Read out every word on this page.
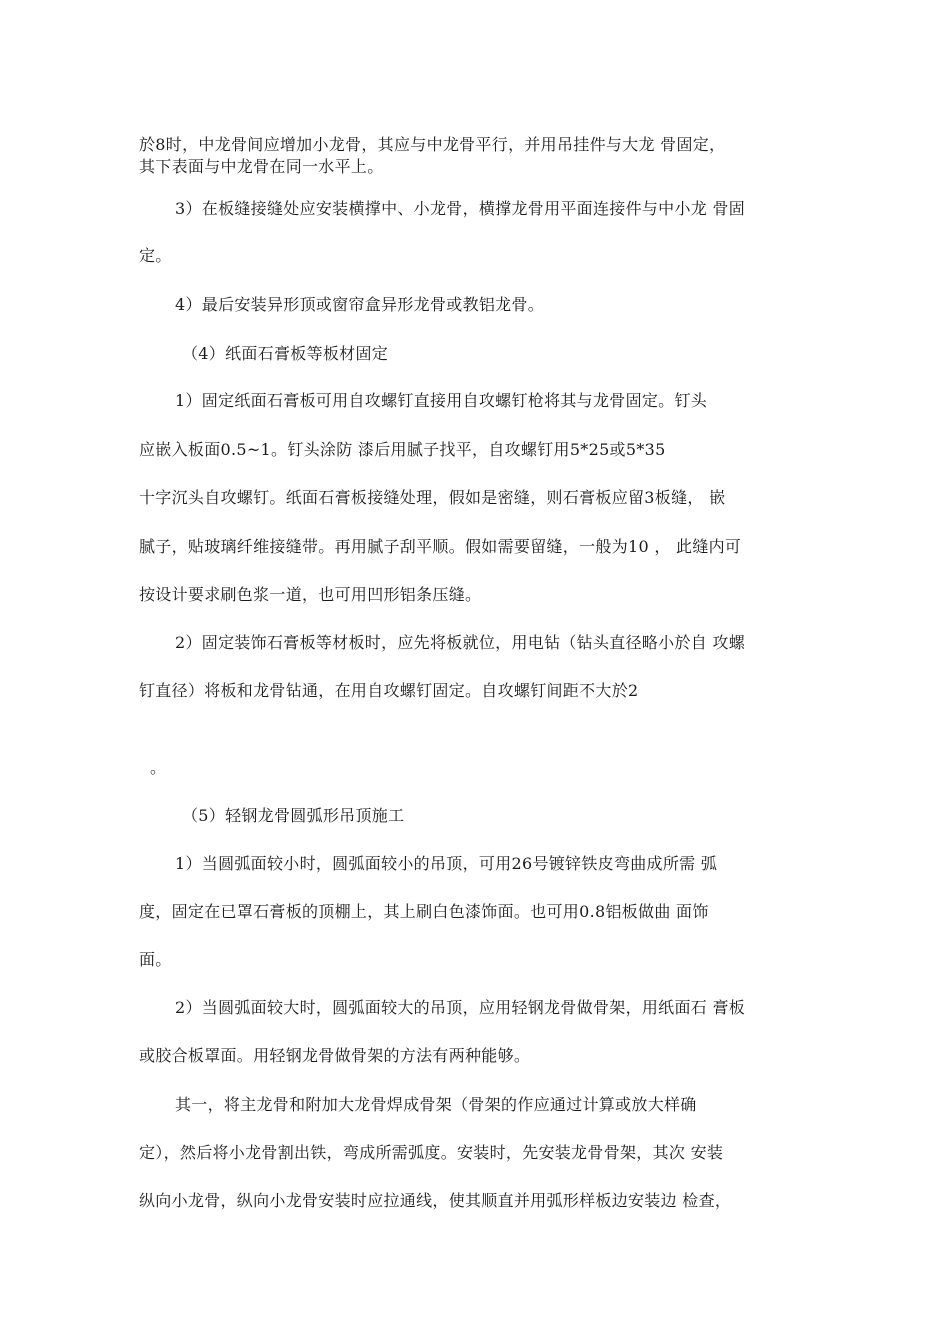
於8时，中龙骨间应增加小龙骨，其应与中龙骨平行，并用吊挂件与大龙 骨固定，
其下表面与中龙骨在同一水平上。
3）在板缝接缝处应安装横撑中、小龙骨，横撑龙骨用平面连接件与中小龙 骨固
定。
4）最后安装异形顶或窗帘盒异形龙骨或教铝龙骨。
（4）纸面石膏板等板材固定
1）固定纸面石膏板可用自攻螺钉直接用自攻螺钉枪将其与龙骨固定。钉头
应嵌入板面0.5~1。钉头涂防 漆后用腻子找平，自攻螺钉用5*25或5*35
十字沉头自攻螺钉。纸面石膏板接缝处理，假如是密缝，则石膏板应留3板缝， 嵌
腻子，贴玻璃纤维接缝带。再用腻子刮平顺。假如需要留缝，一般为10 ， 此缝内可
按设计要求刷色浆一道，也可用凹形铝条压缝。
2）固定装饰石膏板等材板时，应先将板就位，用电钻（钻头直径略小於自 攻螺
钉直径）将板和龙骨钻通，在用自攻螺钉固定。自攻螺钉间距不大於2
。
（5）轻钢龙骨圆弧形吊顶施工
1）当圆弧面较小时，圆弧面较小的吊顶，可用26号镀锌铁皮弯曲成所需 弧
度，固定在已罩石膏板的顶棚上，其上刷白色漆饰面。也可用0.8铝板做曲 面饰
面。
2）当圆弧面较大时，圆弧面较大的吊顶，应用轻钢龙骨做骨架，用纸面石 膏板
或胶合板罩面。用轻钢龙骨做骨架的方法有两种能够。
其一，将主龙骨和附加大龙骨焊成骨架（骨架的作应通过计算或放大样确
定），然后将小龙骨割出铁，弯成所需弧度。安装时，先安装龙骨骨架，其次 安装
纵向小龙骨，纵向小龙骨安装时应拉通线，使其顺直并用弧形样板边安装边 检查，
